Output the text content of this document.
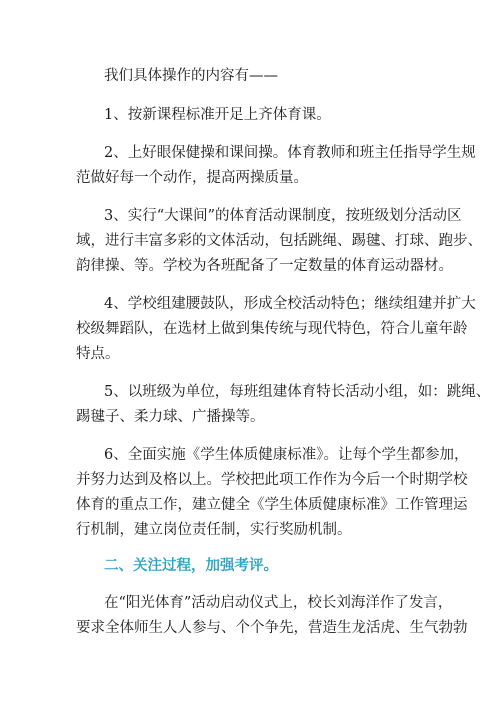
我们具体操作的内容有——
1、按新课程标准开足上齐体育课。
2、上好眼保健操和课间操。体育教师和班主任指导学生规
范做好每一个动作，提高两操质量。
3、实行“大课间”的体育活动课制度，按班级划分活动区
域，进行丰富多彩的文体活动，包括跳绳、踢毽、打球、跑步、
韵律操、等。学校为各班配备了一定数量的体育运动器材。
4、学校组建腰鼓队，形成全校活动特色；继续组建并扩大
校级舞蹈队，在选材上做到集传统与现代特色，符合儿童年龄
特点。
5、以班级为单位，每班组建体育特长活动小组，如：跳绳、
踢毽子、柔力球、广播操等。
6、全面实施《学生体质健康标准》。让每个学生都参加，
并努力达到及格以上。学校把此项工作作为今后一个时期学校
体育的重点工作，建立健全《学生体质健康标准》工作管理运
行机制，建立岗位责任制，实行奖励机制。
二、关注过程，加强考评。
在“阳光体育”活动启动仪式上，校长刘海洋作了发言，
要求全体师生人人参与、个个争先，营造生龙活虎、生气勃勃
